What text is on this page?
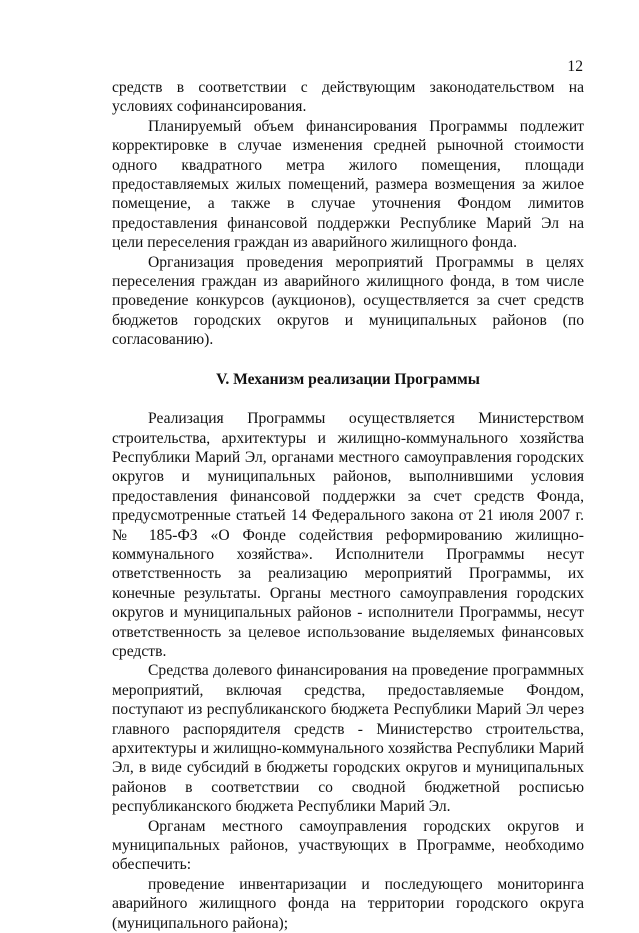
12

средств в соответствии с действующим законодательством на условиях софинансирования.

Планируемый объем финансирования Программы подлежит корректировке в случае изменения средней рыночной стоимости одного квадратного метра жилого помещения, площади предоставляемых жилых помещений, размера возмещения за жилое помещение, а также в случае уточнения Фондом лимитов предоставления финансовой поддержки Республике Марий Эл на цели переселения граждан из аварийного жилищного фонда.

Организация проведения мероприятий Программы в целях переселения граждан из аварийного жилищного фонда, в том числе проведение конкурсов (аукционов), осуществляется за счет средств бюджетов городских округов и муниципальных районов (по согласованию).

V. Механизм реализации Программы

Реализация Программы осуществляется Министерством строительства, архитектуры и жилищно-коммунального хозяйства Республики Марий Эл, органами местного самоуправления городских округов и муниципальных районов, выполнившими условия предоставления финансовой поддержки за счет средств Фонда, предусмотренные статьей 14 Федерального закона от 21 июля 2007 г. № 185-ФЗ «О Фонде содействия реформированию жилищно-коммунального хозяйства». Исполнители Программы несут ответственность за реализацию мероприятий Программы, их конечные результаты. Органы местного самоуправления городских округов и муниципальных районов - исполнители Программы, несут ответственность за целевое использование выделяемых финансовых средств.

Средства долевого финансирования на проведение программных мероприятий, включая средства, предоставляемые Фондом, поступают из республиканского бюджета Республики Марий Эл через главного распорядителя средств - Министерство строительства, архитектуры и жилищно-коммунального хозяйства Республики Марий Эл, в виде субсидий в бюджеты городских округов и муниципальных районов в соответствии со сводной бюджетной росписью республиканского бюджета Республики Марий Эл.

Органам местного самоуправления городских округов и муниципальных районов, участвующих в Программе, необходимо обеспечить:

проведение инвентаризации и последующего мониторинга аварийного жилищного фонда на территории городского округа (муниципального района);
